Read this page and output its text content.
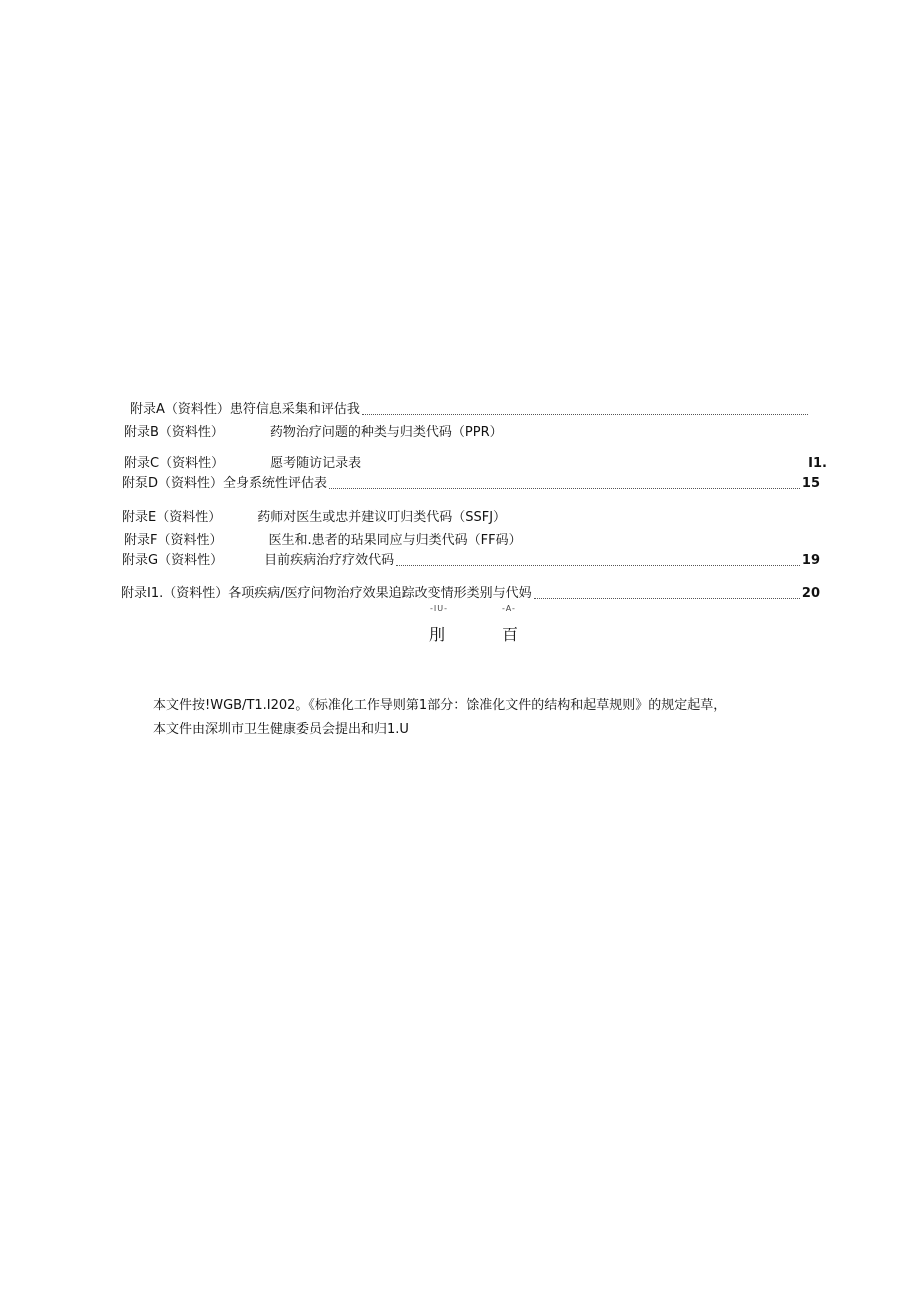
附录A（资料性） 患符信息采集和评估我
附录B（资料性）	药物治疗问题的种类与归类代码（PPR）
附录C（资料性）	愿考随访记录表	I1.
附泵D（资料性） 全身系统性评估表	15
附录E（资料性）	药师对医生或忠并建议叮归类代码（SSFJ）
附录F（资料性）	医生和.患者的玷果同应与归类代码（FF码）
附录G（资料性）	目前疾病治疗疗效代码	19
附录I1.（资料性） 各项疾病/医疗问物治疗效果追踪改变情形类别与代妈	20
-IU-	-A-
刖	百
本文件按!WGB/T1.I202。《标准化工作导则第1部分：馀准化文件的结构和起草规则》的规定起草，
本文件由深圳市卫生健康委员会提出和归1.U
